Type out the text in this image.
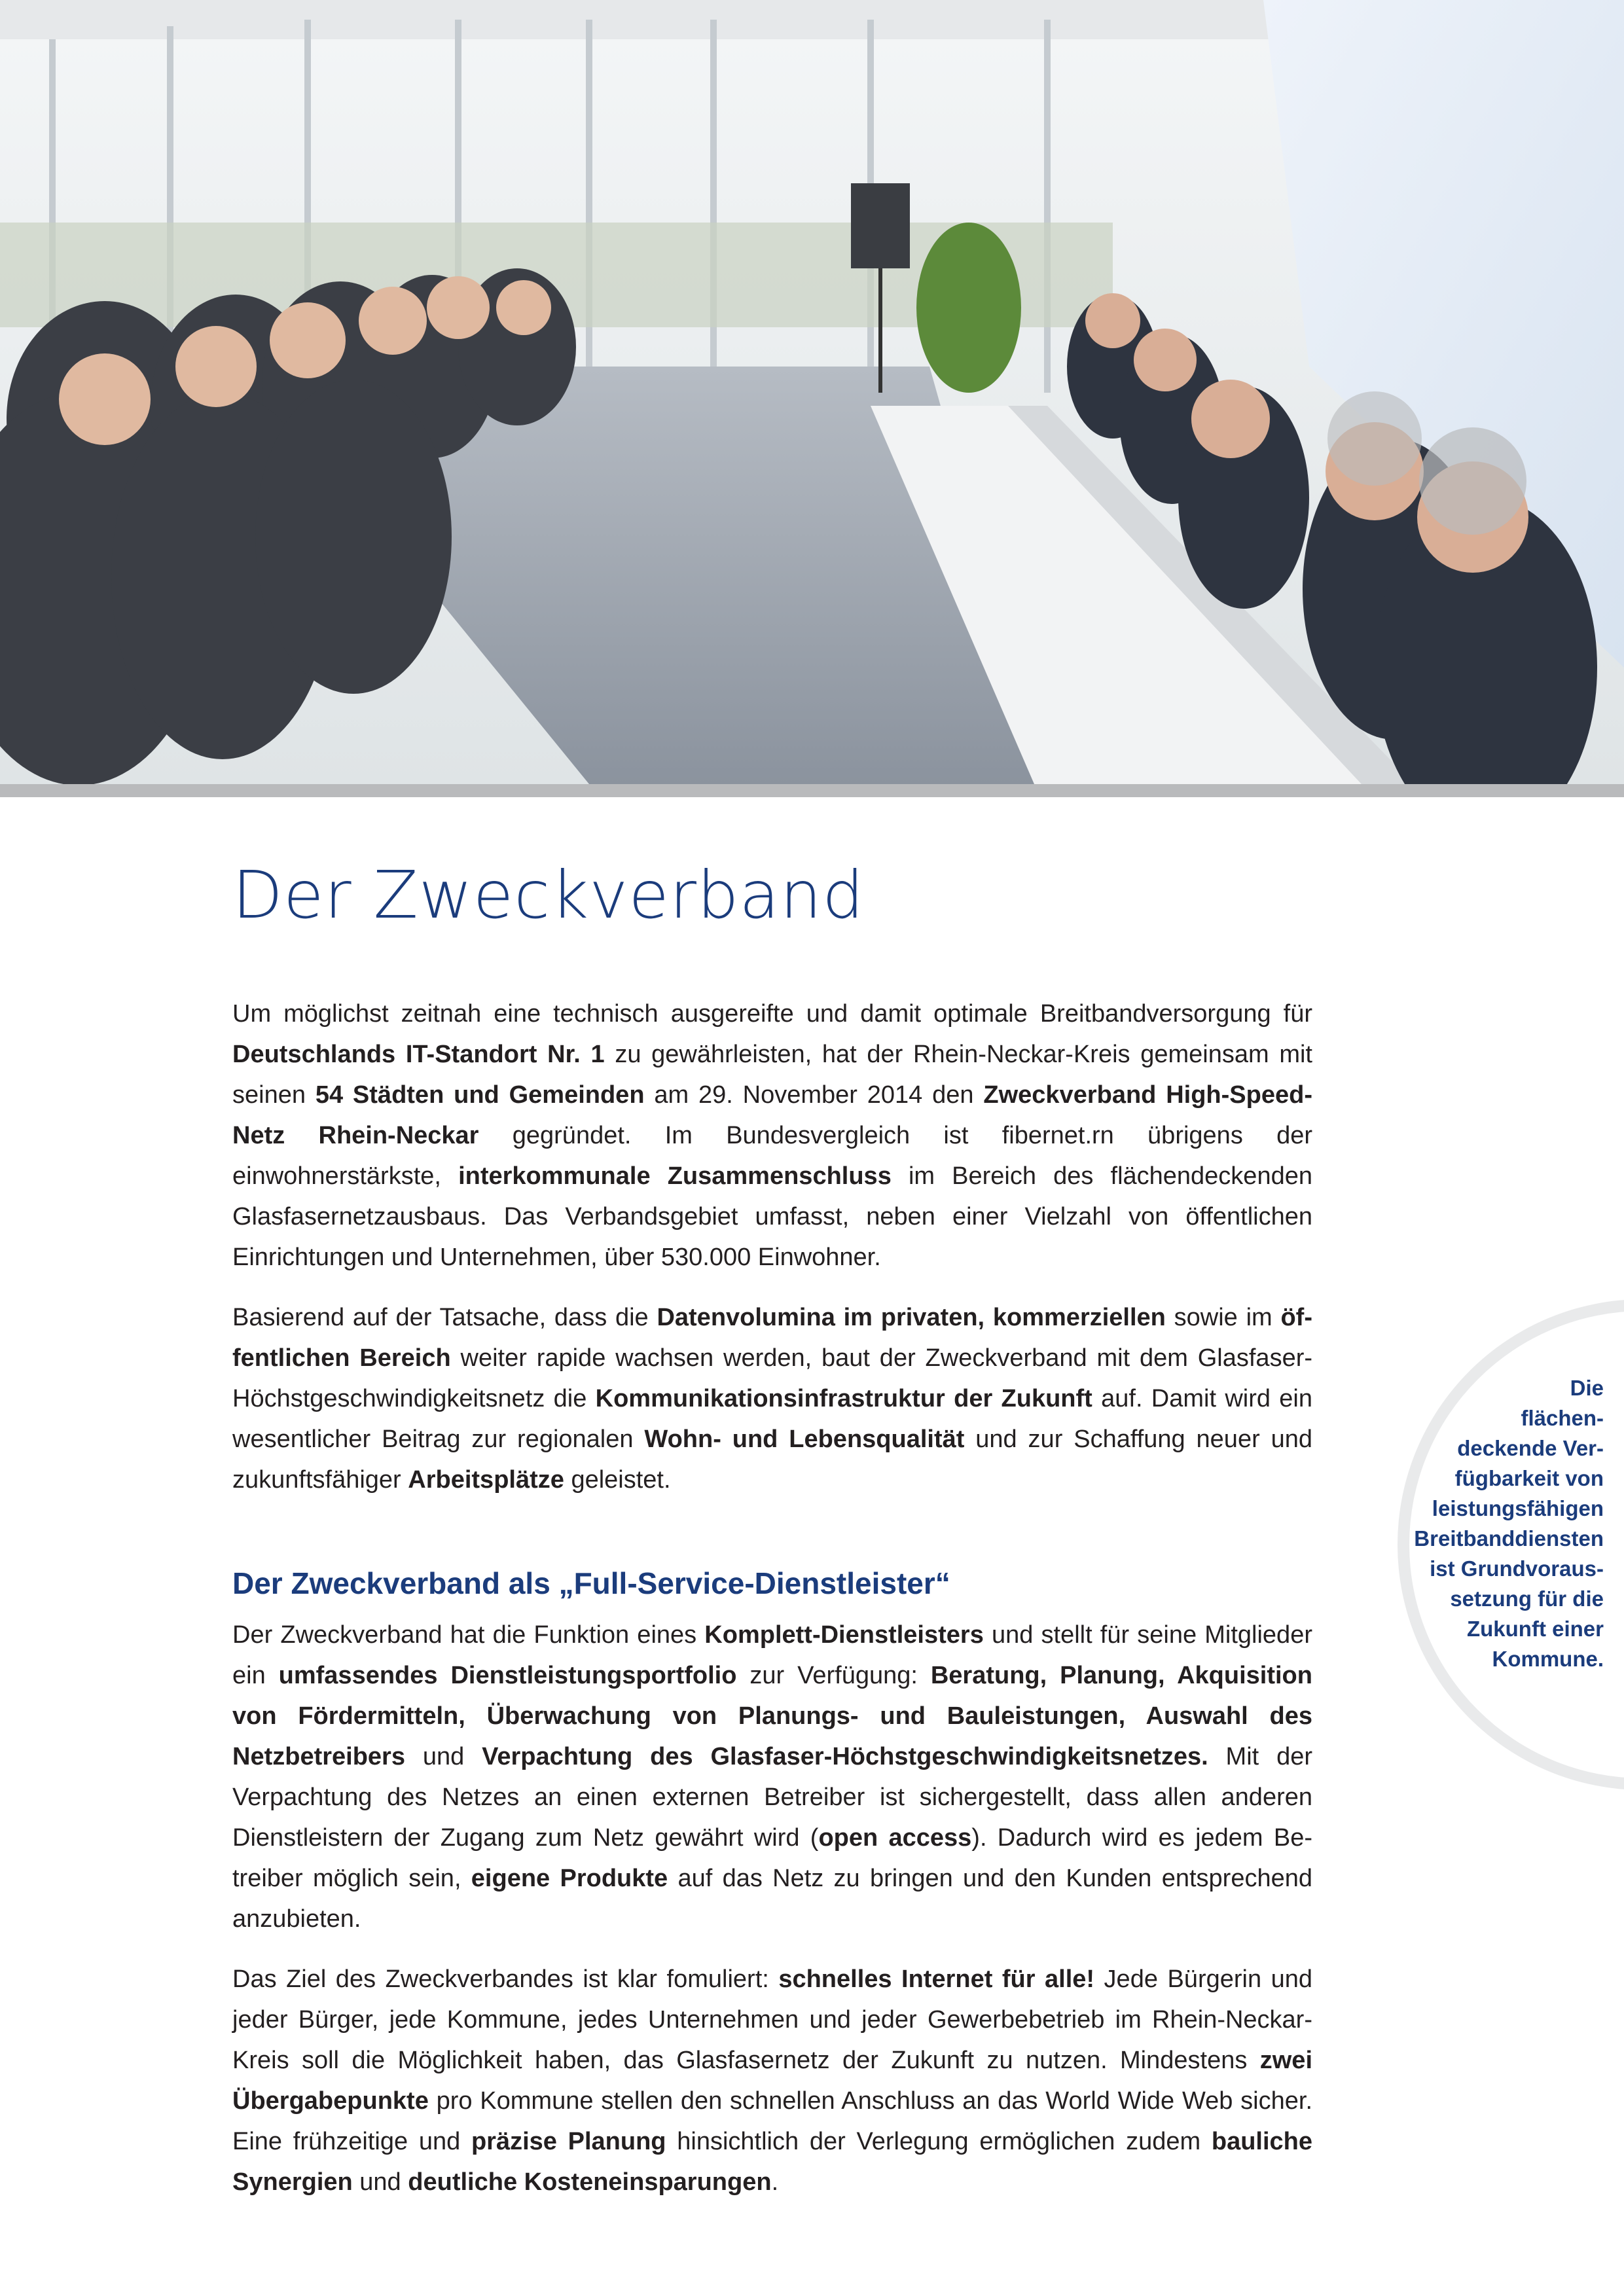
Der Zweckverband

Um möglichst zeitnah eine technisch ausgereifte und damit optimale Breitbandversorgung für Deutschlands IT-Standort Nr. 1 zu gewährleisten, hat der Rhein-Neckar-Kreis gemeinsam mit seinen 54 Städten und Gemeinden am 29. November 2014 den Zweckverband High-Speed-Netz Rhein-Neckar gegründet. Im Bundesvergleich ist fibernet.rn übrigens der einwohnerstärkste, interkommunale Zusammenschluss im Bereich des flächendeckenden Glasfasernetzausbaus. Das Verbandsgebiet umfasst, neben einer Vielzahl von öffentlichen Einrichtungen und Unternehmen, über 530.000 Einwohner.

Basierend auf der Tatsache, dass die Datenvolumina im privaten, kommerziellen sowie im öffentlichen Bereich weiter rapide wachsen werden, baut der Zweckverband mit dem Glasfaser-Höchstgeschwindigkeitsnetz die Kommunikationsinfrastruktur der Zukunft auf. Damit wird ein wesentlicher Beitrag zur regionalen Wohn- und Lebensqualität und zur Schaffung neuer und zukunftsfähiger Arbeitsplätze geleistet.

Der Zweckverband als „Full-Service-Dienstleister“

Der Zweckverband hat die Funktion eines Komplett-Dienstleisters und stellt für seine Mitglieder ein umfassendes Dienstleistungsportfolio zur Verfügung: Beratung, Planung, Akquisition von Fördermitteln, Überwachung von Planungs- und Bauleistungen, Auswahl des Netzbetreibers und Verpachtung des Glasfaser-Höchstgeschwindigkeitsnetzes. Mit der Verpachtung des Netzes an einen externen Betreiber ist sichergestellt, dass allen anderen Dienstleistern der Zugang zum Netz gewährt wird (open access). Dadurch wird es jedem Betreiber möglich sein, eigene Produkte auf das Netz zu bringen und den Kunden entsprechend anzubieten.

Das Ziel des Zweckverbandes ist klar fomuliert: schnelles Internet für alle! Jede Bürgerin und jeder Bürger, jede Kommune, jedes Unternehmen und jeder Gewerbebetrieb im Rhein-Neckar-Kreis soll die Möglichkeit haben, das Glasfasernetz der Zukunft zu nutzen. Mindestens zwei Übergabepunkte pro Kommune stellen den schnellen Anschluss an das World Wide Web sicher. Eine frühzeitige und präzise Planung hinsichtlich der Verlegung ermöglichen zudem bauliche Synergien und deutliche Kosteneinsparungen.

Die
flächen-
deckende Ver-
fügbarkeit von
leistungsfähigen
Breitbanddiensten
ist Grundvoraus-
setzung für die
Zukunft einer
Kommune.
